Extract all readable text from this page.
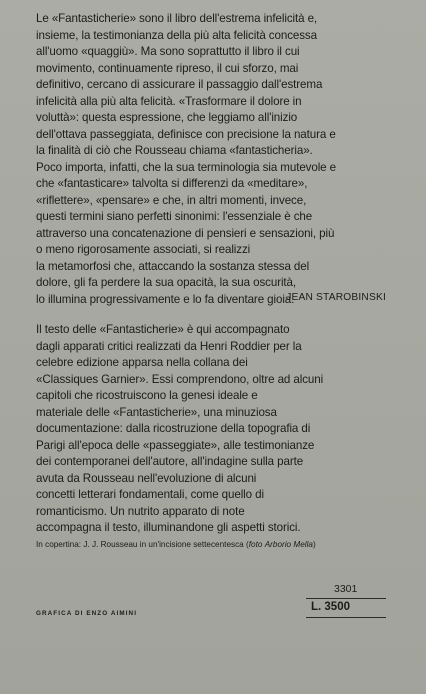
Le «Fantasticherie» sono il libro dell'estrema infelicità e,
insieme, la testimonianza della più alta felicità concessa
all'uomo «quaggiù». Ma sono soprattutto il libro il cui
movimento, continuamente ripreso, il cui sforzo, mai
definitivo, cercano di assicurare il passaggio dall'estrema
infelicità alla più alta felicità. «Trasformare il dolore in
voluttà»: questa espressione, che leggiamo all'inizio
dell'ottava passeggiata, definisce con precisione la natura e
la finalità di ciò che Rousseau chiama «fantasticheria».
Poco importa, infatti, che la sua terminologia sia mutevole e
che «fantasticare» talvolta si differenzi da «meditare»,
«riflettere», «pensare» e che, in altri momenti, invece,
questi termini siano perfetti sinonimi: l'essenziale è che
attraverso una concatenazione di pensieri e sensazioni, più
o meno rigorosamente associati, si realizzi
la metamorfosi che, attaccando la sostanza stessa del
dolore, gli fa perdere la sua opacità, la sua oscurità,
lo illumina progressivamente e lo fa diventare gioia.
JEAN STAROBINSKI
Il testo delle «Fantasticherie» è qui accompagnato
dagli apparati critici realizzati da Henri Roddier per la
celebre edizione apparsa nella collana dei
«Classiques Garnier». Essi comprendono, oltre ad alcuni
capitoli che ricostruiscono la genesi ideale e
materiale delle «Fantasticherie», una minuziosa
documentazione: dalla ricostruzione della topografia di
Parigi all'epoca delle «passeggiate», alle testimonianze
dei contemporanei dell'autore, all'indagine sulla parte
avuta da Rousseau nell'evoluzione di alcuni
concetti letterari fondamentali, come quello di
romanticismo. Un nutrito apparato di note
accompagna il testo, illuminandone gli aspetti storici.
In copertina: J. J. Rousseau in un'incisione settecentesca (foto Arborio Mella)
3301
L. 3500
GRAFICA DI ENZO AIMINI
